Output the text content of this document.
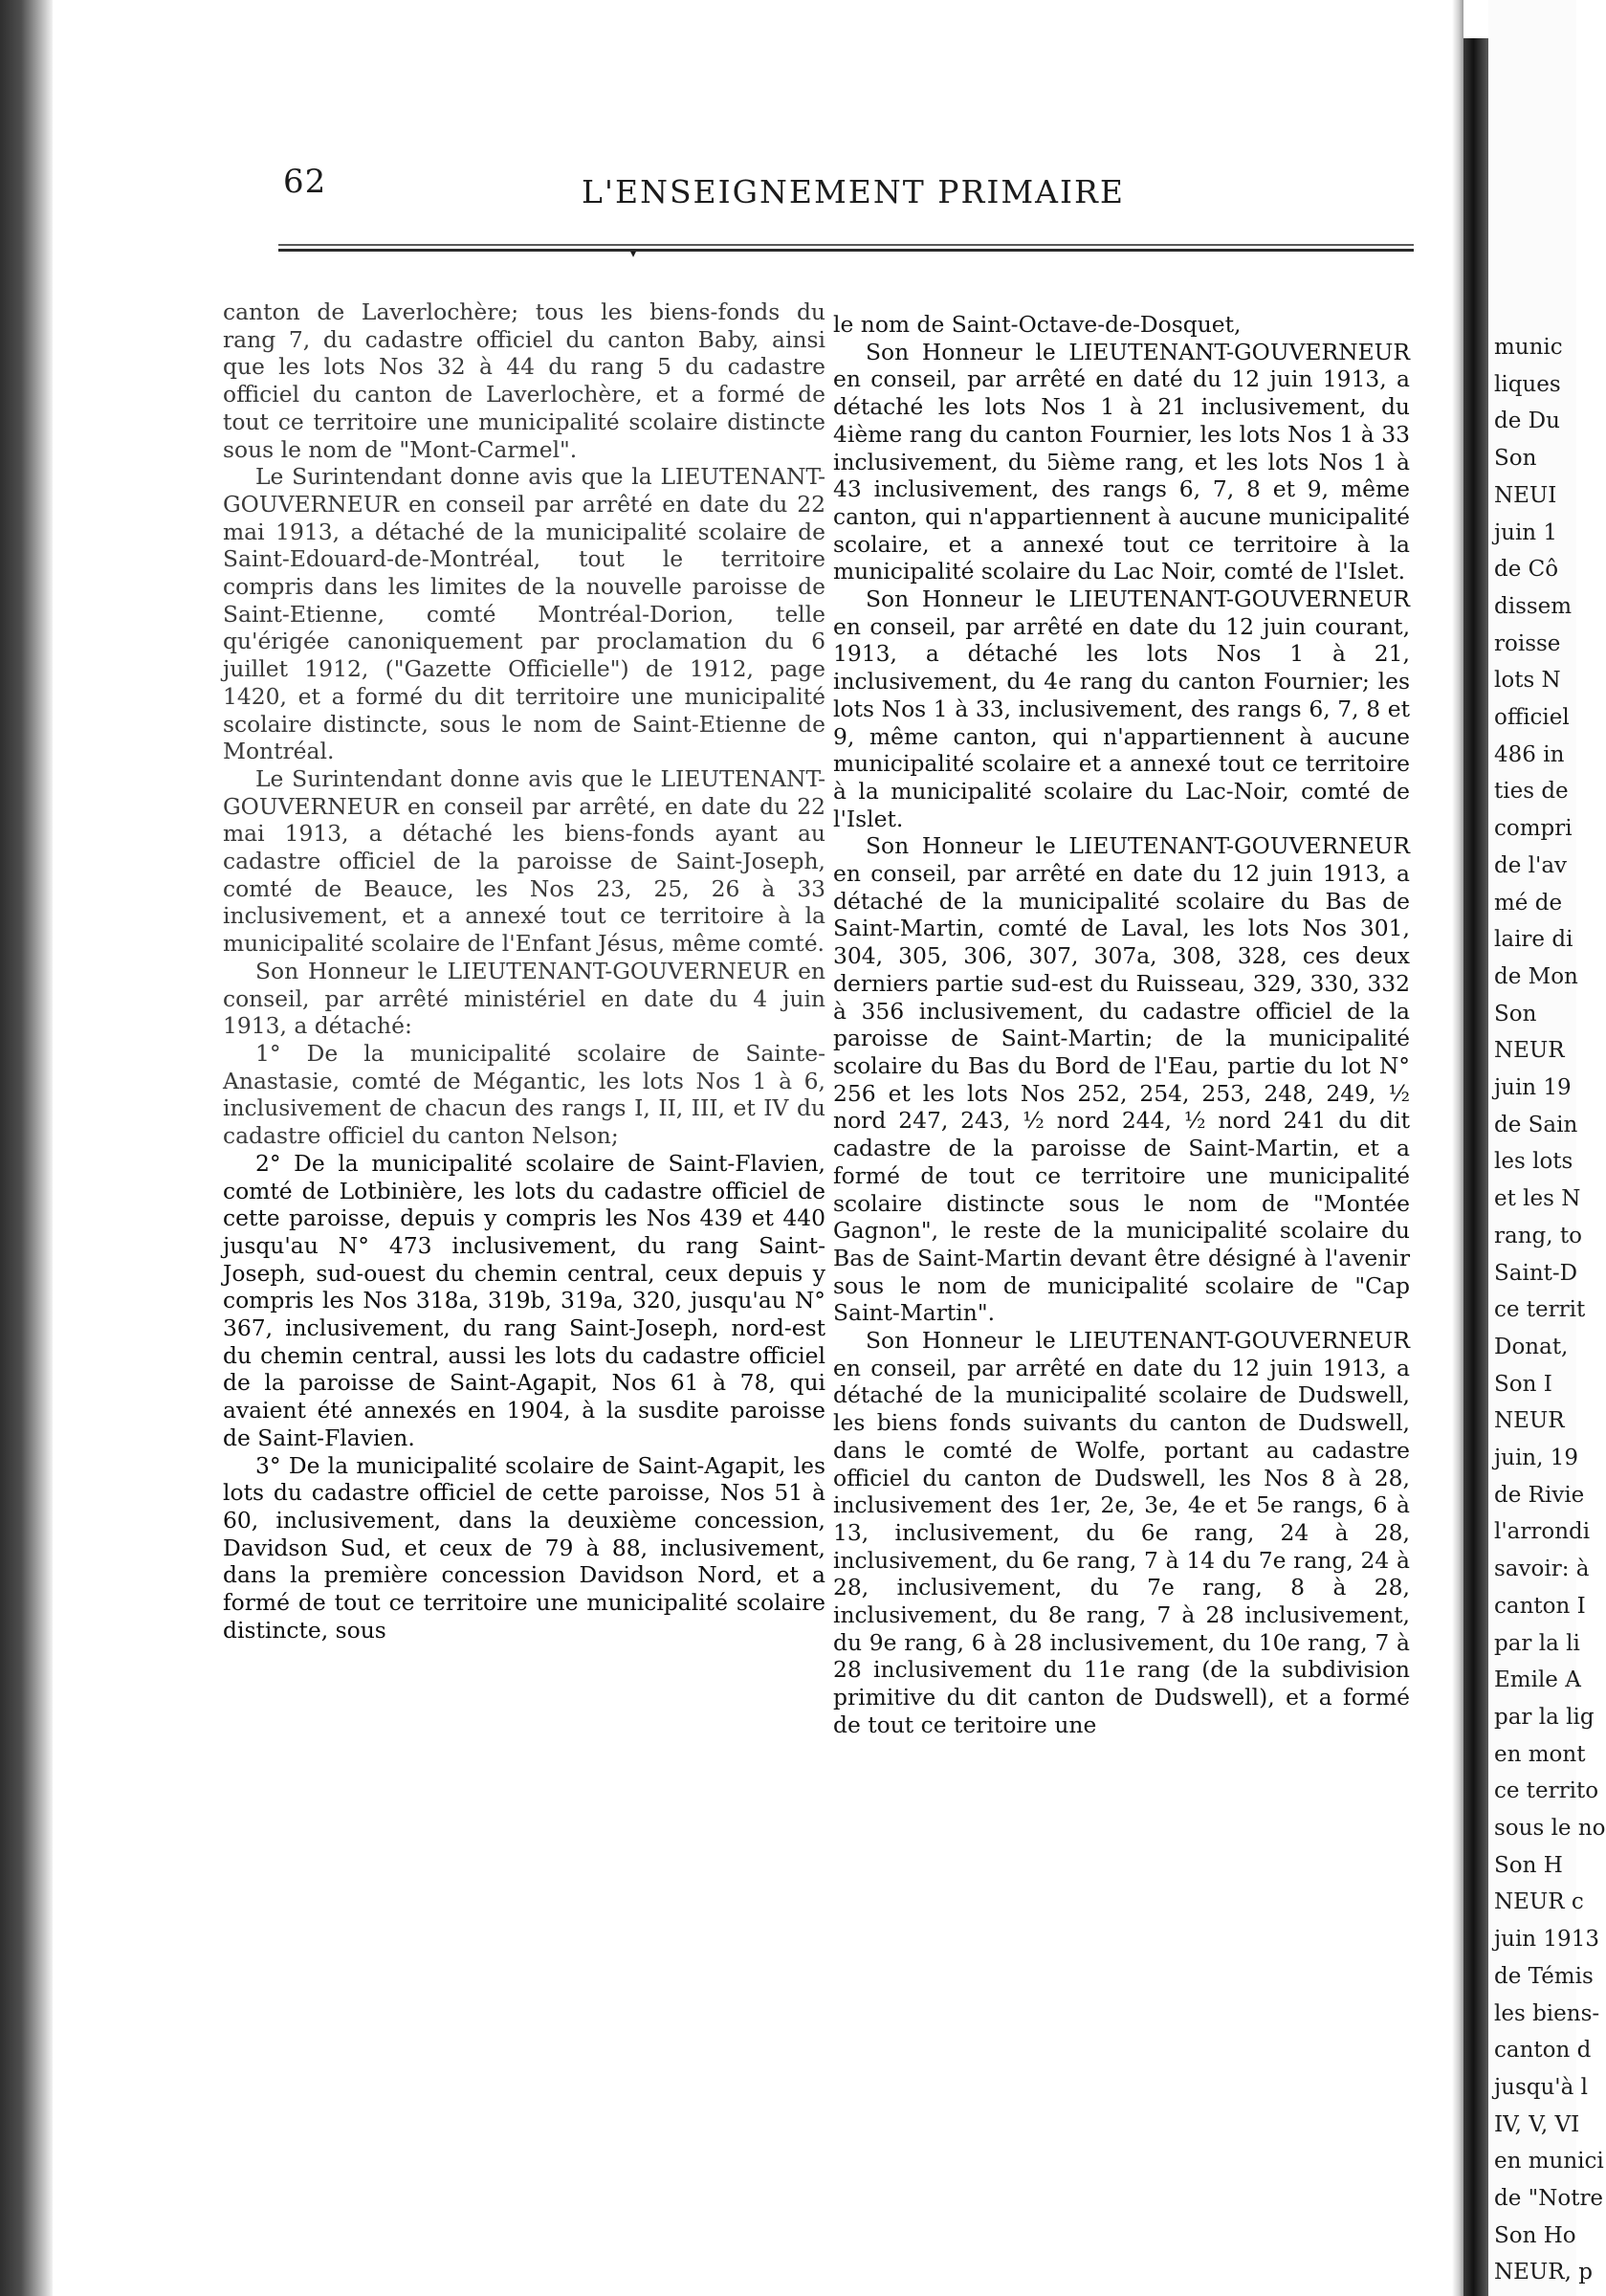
62	L'ENSEIGNEMENT PRIMAIRE
▾

canton de Laverlochère; tous les biens-fonds du rang 7, du cadastre officiel du canton Baby, ainsi que les lots Nos 32 à 44 du rang 5 du cadastre officiel du canton de Laverlochère, et a formé de tout ce territoire une municipalité scolaire distincte sous le nom de "Mont-Carmel".

Le Surintendant donne avis que la LIEUTENANT-GOUVERNEUR en conseil par arrêté en date du 22 mai 1913, a détaché de la municipalité scolaire de Saint-Edouard-de-Montréal, tout le territoire compris dans les limites de la nouvelle paroisse de Saint-Etienne, comté Montréal-Dorion, telle qu'érigée canoniquement par proclamation du 6 juillet 1912, ("Gazette Officielle") de 1912, page 1420, et a formé du dit territoire une municipalité scolaire distincte, sous le nom de Saint-Etienne de Montréal.

Le Surintendant donne avis que le LIEUTENANT-GOUVERNEUR en conseil par arrêté, en date du 22 mai 1913, a détaché les biens-fonds ayant au cadastre officiel de la paroisse de Saint-Joseph, comté de Beauce, les Nos 23, 25, 26 à 33 inclusivement, et a annexé tout ce territoire à la municipalité scolaire de l'Enfant Jésus, même comté.

Son Honneur le LIEUTENANT-GOUVERNEUR en conseil, par arrêté ministériel en date du 4 juin 1913, a détaché:

1° De la municipalité scolaire de Sainte-Anastasie, comté de Mégantic, les lots Nos 1 à 6, inclusivement de chacun des rangs I, II, III, et IV du cadastre officiel du canton Nelson;

2° De la municipalité scolaire de Saint-Flavien, comté de Lotbinière, les lots du cadastre officiel de cette paroisse, depuis y compris les Nos 439 et 440 jusqu'au N° 473 inclusivement, du rang Saint-Joseph, sud-ouest du chemin central, ceux depuis y compris les Nos 318a, 319b, 319a, 320, jusqu'au N° 367, inclusivement, du rang Saint-Joseph, nord-est du chemin central, aussi les lots du cadastre officiel de la paroisse de Saint-Agapit, Nos 61 à 78, qui avaient été annexés en 1904, à la susdite paroisse de Saint-Flavien.

3° De la municipalité scolaire de Saint-Agapit, les lots du cadastre officiel de cette paroisse, Nos 51 à 60, inclusivement, dans la deuxième concession, Davidson Sud, et ceux de 79 à 88, inclusivement, dans la première concession Davidson Nord, et a formé de tout ce territoire une municipalité scolaire distincte, sous

le nom de Saint-Octave-de-Dosquet,

Son Honneur le LIEUTENANT-GOUVERNEUR en conseil, par arrêté en daté du 12 juin 1913, a détaché les lots Nos 1 à 21 inclusivement, du 4ième rang du canton Fournier, les lots Nos 1 à 33 inclusivement, du 5ième rang, et les lots Nos 1 à 43 inclusivement, des rangs 6, 7, 8 et 9, même canton, qui n'appartiennent à aucune municipalité scolaire, et a annexé tout ce territoire à la municipalité scolaire du Lac Noir, comté de l'Islet.

Son Honneur le LIEUTENANT-GOUVERNEUR en conseil, par arrêté en date du 12 juin courant, 1913, a détaché les lots Nos 1 à 21, inclusivement, du 4e rang du canton Fournier; les lots Nos 1 à 33, inclusivement, des rangs 6, 7, 8 et 9, même canton, qui n'appartiennent à aucune municipalité scolaire et a annexé tout ce territoire à la municipalité scolaire du Lac-Noir, comté de l'Islet.

Son Honneur le LIEUTENANT-GOUVERNEUR en conseil, par arrêté en date du 12 juin 1913, a détaché de la municipalité scolaire du Bas de Saint-Martin, comté de Laval, les lots Nos 301, 304, 305, 306, 307, 307a, 308, 328, ces deux derniers partie sud-est du Ruisseau, 329, 330, 332 à 356 inclusivement, du cadastre officiel de la paroisse de Saint-Martin; de la municipalité scolaire du Bas du Bord de l'Eau, partie du lot N° 256 et les lots Nos 252, 254, 253, 248, 249, ½ nord 247, 243, ½ nord 244, ½ nord 241 du dit cadastre de la paroisse de Saint-Martin, et a formé de tout ce territoire une municipalité scolaire distincte sous le nom de "Montée Gagnon", le reste de la municipalité scolaire du Bas de Saint-Martin devant être désigné à l'avenir sous le nom de municipalité scolaire de "Cap Saint-Martin".

Son Honneur le LIEUTENANT-GOUVERNEUR en conseil, par arrêté en date du 12 juin 1913, a détaché de la municipalité scolaire de Dudswell, les biens fonds suivants du canton de Dudswell, dans le comté de Wolfe, portant au cadastre officiel du canton de Dudswell, les Nos 8 à 28, inclusivement des 1er, 2e, 3e, 4e et 5e rangs, 6 à 13, inclusivement, du 6e rang, 24 à 28, inclusivement, du 6e rang, 7 à 14 du 7e rang, 24 à 28, inclusivement, du 7e rang, 8 à 28, inclusivement, du 8e rang, 7 à 28 inclusivement, du 9e rang, 6 à 28 inclusivement, du 10e rang, 7 à 28 inclusivement du 11e rang (de la subdivision primitive du dit canton de Dudswell), et a formé de tout ce teritoire une

munic
liques
de Du
Son
NEUI
juin 1
de Cô
dissem
roisse
lots N
officiel
486 in
ties de
compri
de l'av
mé de
laire di
de Mon
Son
NEUR
juin 19
de Sain
les lots
et les N
rang, to
Saint-D
ce territ
Donat,
Son I
NEUR
juin, 19
de Rivie
l'arrondi
savoir: à
canton I
par la li
Emile A
par la lig
en mont
ce territo
sous le no
Son H
NEUR c
juin 1913
de Témis
les biens-
canton d
jusqu'à l
IV, V, VI
en munici
de "Notre
Son Ho
NEUR, p
